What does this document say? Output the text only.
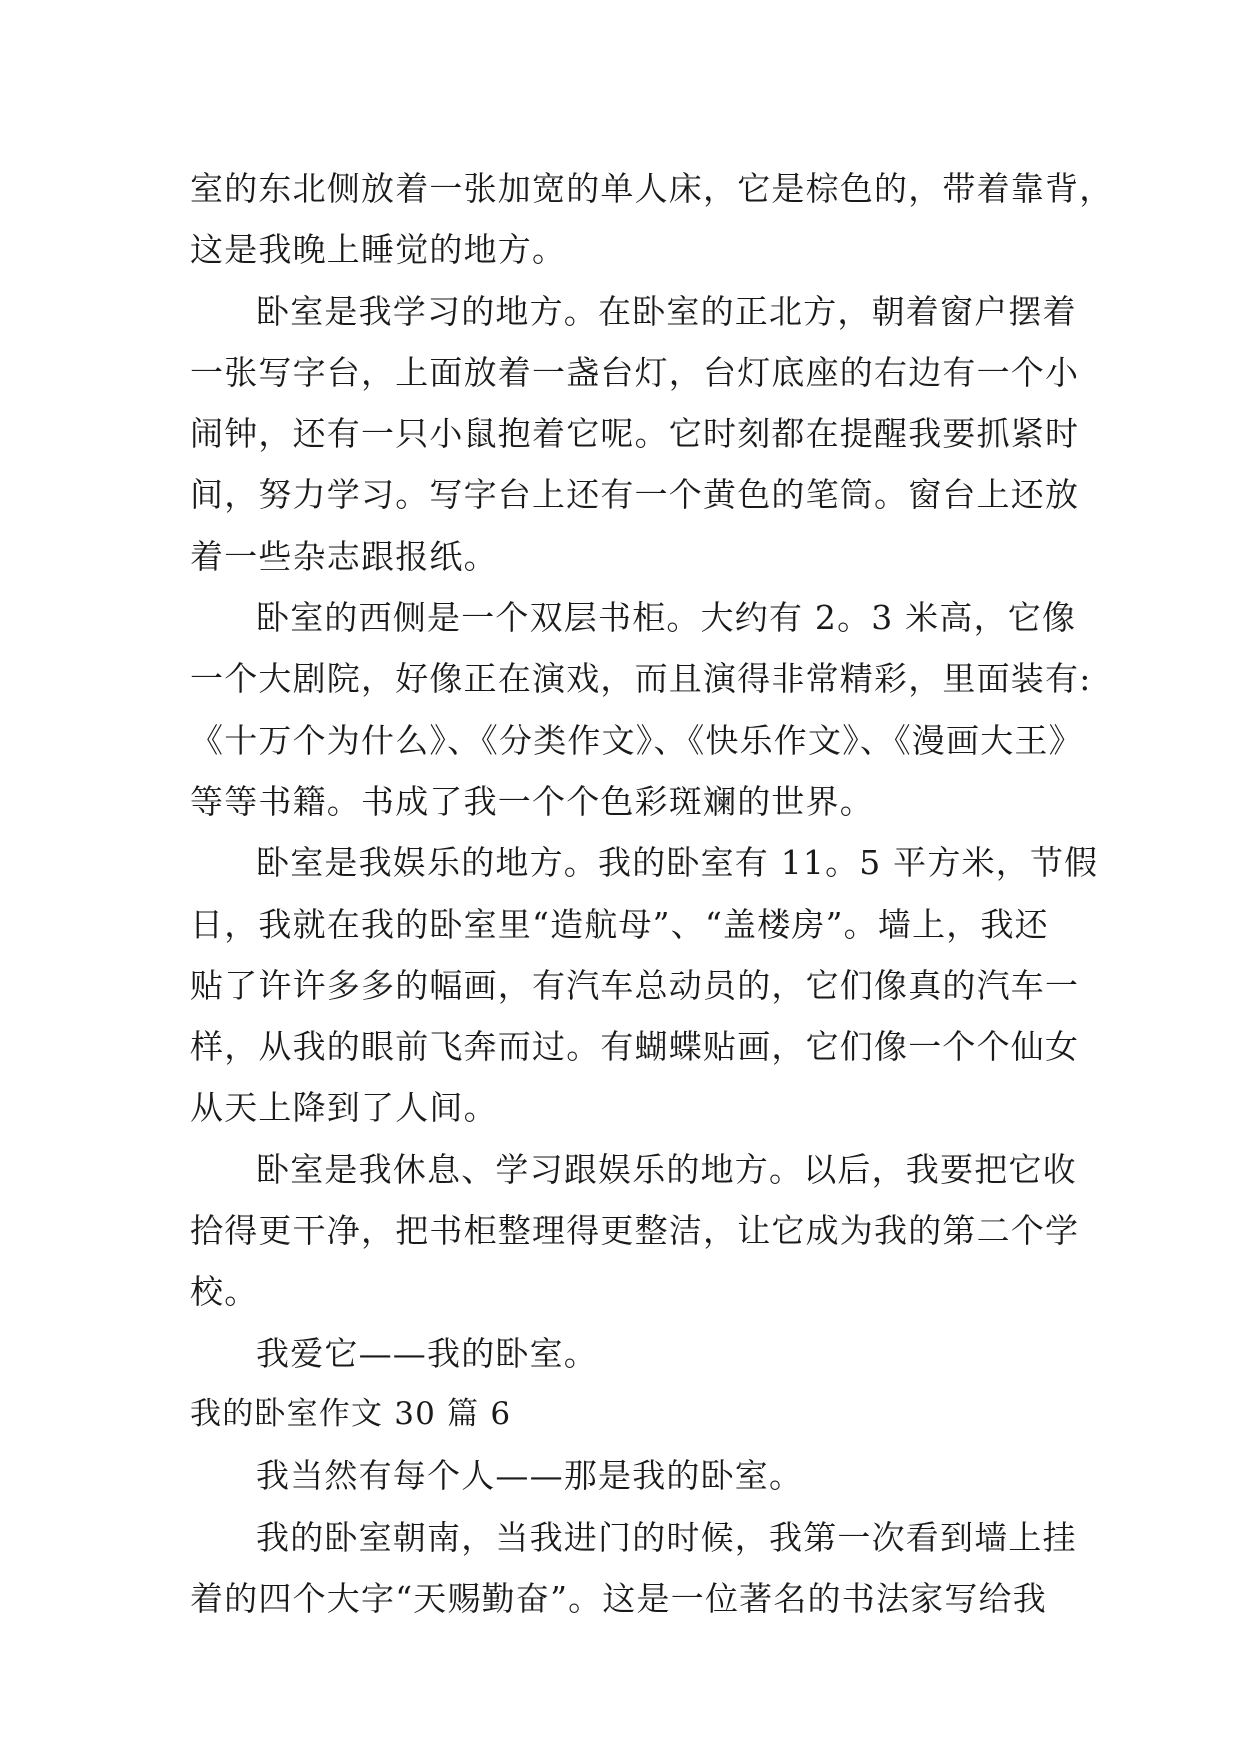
室的东北侧放着一张加宽的单人床，它是棕色的，带着靠背，
这是我晚上睡觉的地方。
卧室是我学习的地方。在卧室的正北方，朝着窗户摆着
一张写字台，上面放着一盏台灯，台灯底座的右边有一个小
闹钟，还有一只小鼠抱着它呢。它时刻都在提醒我要抓紧时
间，努力学习。写字台上还有一个黄色的笔筒。窗台上还放
着一些杂志跟报纸。
卧室的西侧是一个双层书柜。大约有 2。3 米高，它像
一个大剧院，好像正在演戏，而且演得非常精彩，里面装有:
《十万个为什么》、《分类作文》、《快乐作文》、《漫画大王》
等等书籍。书成了我一个个色彩斑斓的世界。
卧室是我娱乐的地方。我的卧室有 11。5 平方米，节假
日，我就在我的卧室里“造航母”、“盖楼房”。墙上，我还
贴了许许多多的幅画，有汽车总动员的，它们像真的汽车一
样，从我的眼前飞奔而过。有蝴蝶贴画，它们像一个个仙女
从天上降到了人间。
卧室是我休息、学习跟娱乐的地方。以后，我要把它收
拾得更干净，把书柜整理得更整洁，让它成为我的第二个学
校。
我爱它——我的卧室。
我的卧室作文 30 篇 6
我当然有每个人——那是我的卧室。
我的卧室朝南，当我进门的时候，我第一次看到墙上挂
着的四个大字“天赐勤奋”。这是一位著名的书法家写给我
